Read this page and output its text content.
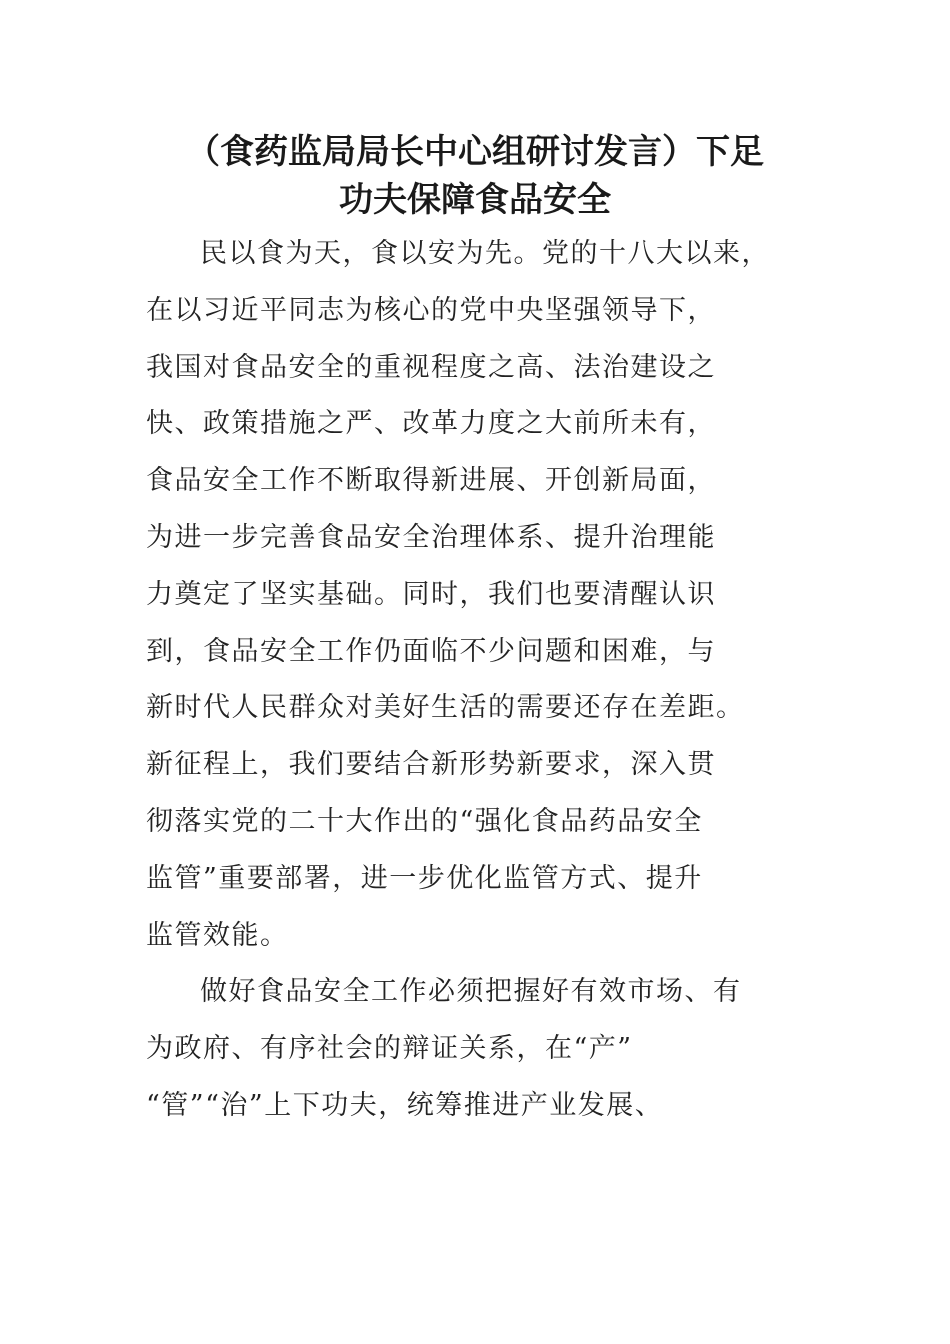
（食药监局局长中心组研讨发言）下足
功夫保障食品安全
民以食为天，食以安为先。党的十八大以来，
在以习近平同志为核心的党中央坚强领导下，
我国对食品安全的重视程度之高、法治建设之
快、政策措施之严、改革力度之大前所未有，
食品安全工作不断取得新进展、开创新局面，
为进一步完善食品安全治理体系、提升治理能
力奠定了坚实基础。同时，我们也要清醒认识
到，食品安全工作仍面临不少问题和困难，与
新时代人民群众对美好生活的需要还存在差距。
新征程上，我们要结合新形势新要求，深入贯
彻落实党的二十大作出的“强化食品药品安全
监管”重要部署，进一步优化监管方式、提升
监管效能。
做好食品安全工作必须把握好有效市场、有
为政府、有序社会的辩证关系，在“产”
“管”“治”上下功夫，统筹推进产业发展、
